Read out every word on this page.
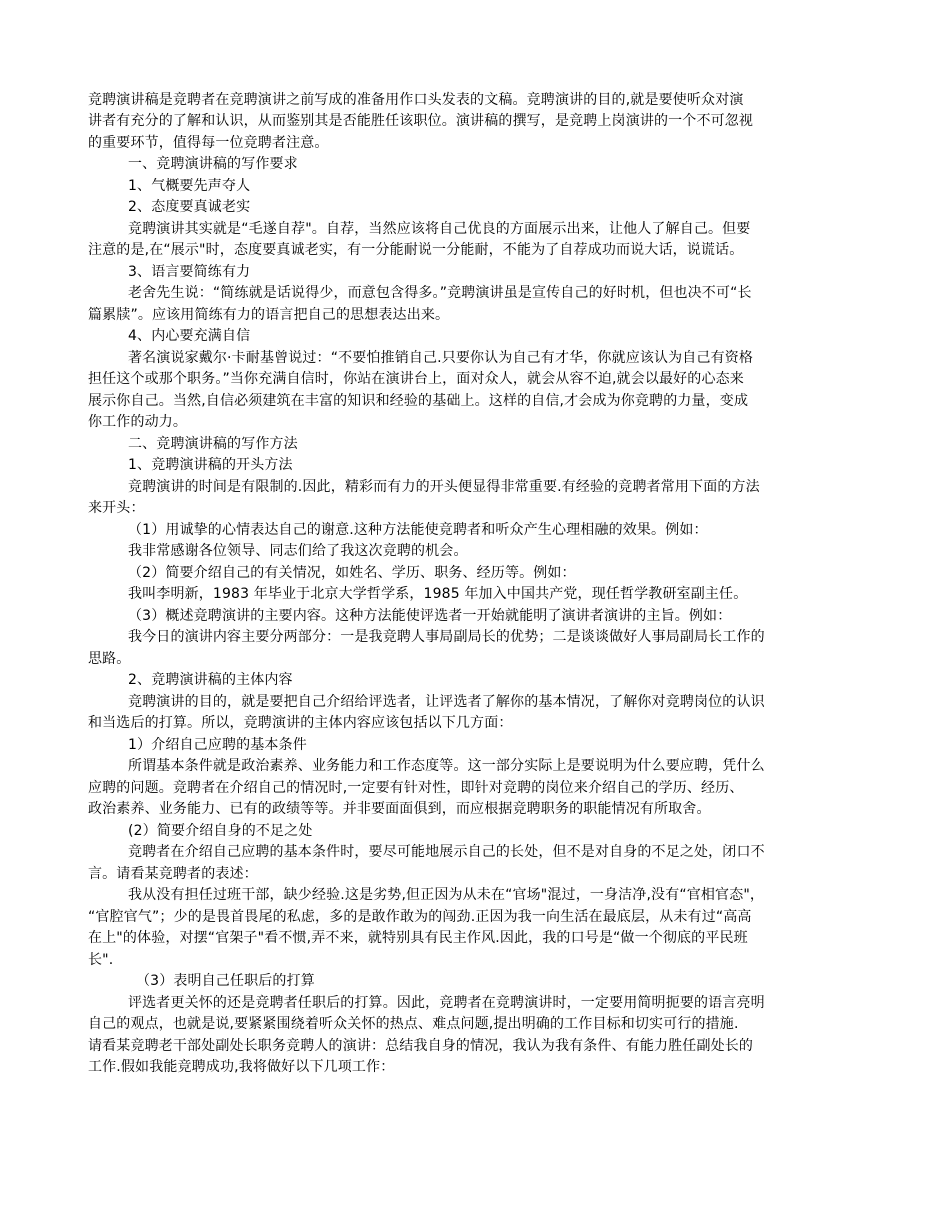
竞聘演讲稿是竞聘者在竞聘演讲之前写成的准备用作口头发表的文稿。竞聘演讲的目的,就是要使听众对演
讲者有充分的了解和认识，从而鉴别其是否能胜任该职位。演讲稿的撰写，是竞聘上岗演讲的一个不可忽视
的重要环节，值得每一位竞聘者注意。
一、竞聘演讲稿的写作要求
1、气概要先声夺人
2、态度要真诚老实
竞聘演讲其实就是“毛遂自荐"。自荐，当然应该将自己优良的方面展示出来，让他人了解自己。但要
注意的是,在“展示"时，态度要真诚老实，有一分能耐说一分能耐，不能为了自荐成功而说大话，说谎话。
3、语言要简练有力
老舍先生说：“简练就是话说得少，而意包含得多。”竞聘演讲虽是宣传自己的好时机，但也决不可“长
篇累牍”。应该用简练有力的语言把自己的思想表达出来。
4、内心要充满自信
著名演说家戴尔·卡耐基曾说过：“不要怕推销自己.只要你认为自己有才华，你就应该认为自己有资格
担任这个或那个职务。”当你充满自信时，你站在演讲台上，面对众人，就会从容不迫,就会以最好的心态来
展示你自己。当然,自信必须建筑在丰富的知识和经验的基础上。这样的自信,才会成为你竞聘的力量，变成
你工作的动力。
二、竞聘演讲稿的写作方法
1、竞聘演讲稿的开头方法
竞聘演讲的时间是有限制的.因此，精彩而有力的开头便显得非常重要.有经验的竞聘者常用下面的方法
来开头：
（1）用诚挚的心情表达自己的谢意.这种方法能使竞聘者和听众产生心理相融的效果。例如：
我非常感谢各位领导、同志们给了我这次竞聘的机会。
（2）简要介绍自己的有关情况，如姓名、学历、职务、经历等。例如：
我叫李明新，1983 年毕业于北京大学哲学系，1985 年加入中国共产党，现任哲学教研室副主任。
（3）概述竞聘演讲的主要内容。这种方法能使评选者一开始就能明了演讲者演讲的主旨。例如：
我今日的演讲内容主要分两部分：一是我竞聘人事局副局长的优势；二是谈谈做好人事局副局长工作的
思路。
2、竞聘演讲稿的主体内容
竞聘演讲的目的，就是要把自己介绍给评选者，让评选者了解你的基本情况，了解你对竞聘岗位的认识
和当选后的打算。所以，竞聘演讲的主体内容应该包括以下几方面：
1）介绍自己应聘的基本条件
所谓基本条件就是政治素养、业务能力和工作态度等。这一部分实际上是要说明为什么要应聘，凭什么
应聘的问题。竞聘者在介绍自己的情况时,一定要有针对性，即针对竞聘的岗位来介绍自己的学历、经历、
政治素养、业务能力、已有的政绩等等。并非要面面俱到，而应根据竞聘职务的职能情况有所取舍。
(2）简要介绍自身的不足之处
竞聘者在介绍自己应聘的基本条件时，要尽可能地展示自己的长处，但不是对自身的不足之处，闭口不
言。请看某竞聘者的表述：
我从没有担任过班干部，缺少经验.这是劣势,但正因为从未在“官场"混过，一身洁净,没有“官相官态"，
“官腔官气”；少的是畏首畏尾的私虑，多的是敢作敢为的闯劲.正因为我一向生活在最底层，从未有过“高高
在上"的体验，对摆“官架子"看不惯,弄不来，就特别具有民主作风.因此，我的口号是“做一个彻底的平民班
长".
（3）表明自己任职后的打算
评选者更关怀的还是竞聘者任职后的打算。因此，竞聘者在竞聘演讲时，一定要用简明扼要的语言亮明
自己的观点，也就是说,要紧紧围绕着听众关怀的热点、难点问题,提出明确的工作目标和切实可行的措施.
请看某竞聘老干部处副处长职务竞聘人的演讲：总结我自身的情况，我认为我有条件、有能力胜任副处长的
工作.假如我能竞聘成功,我将做好以下几项工作：
